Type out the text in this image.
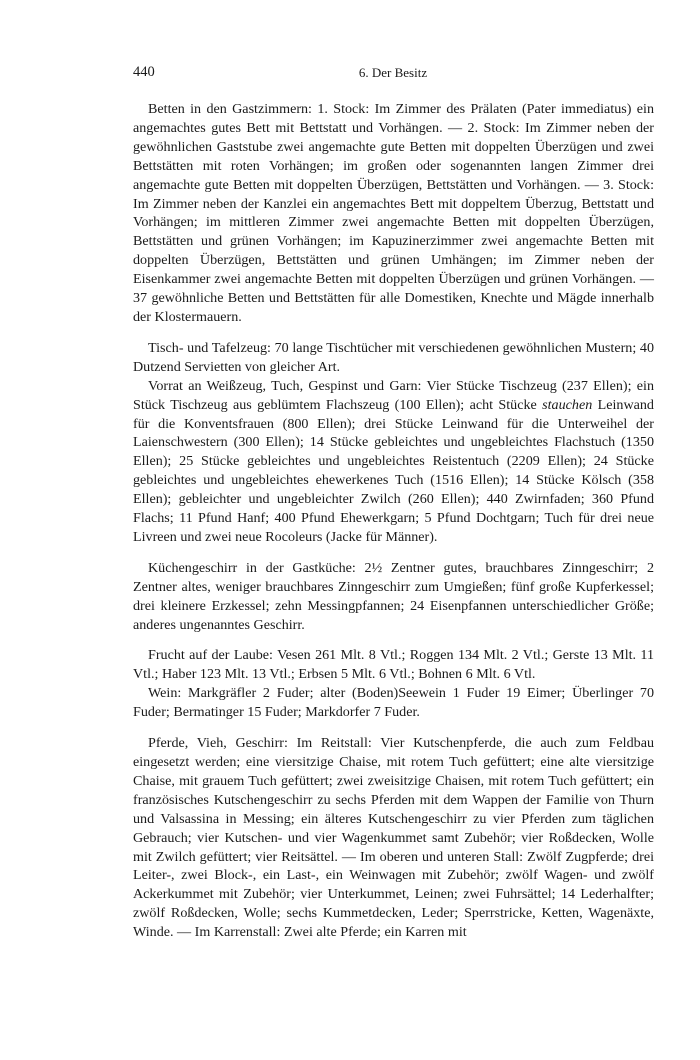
440	6. Der Besitz

Betten in den Gastzimmern: 1. Stock: Im Zimmer des Prälaten (Pater immediatus) ein angemachtes gutes Bett mit Bettstatt und Vorhängen. — 2. Stock: Im Zimmer neben der gewöhnlichen Gaststube zwei angemachte gute Betten mit doppelten Überzügen und zwei Bettstätten mit roten Vorhängen; im großen oder sogenannten langen Zimmer drei angemachte gute Betten mit doppelten Überzügen, Bettstätten und Vorhängen. — 3. Stock: Im Zimmer neben der Kanzlei ein angemachtes Bett mit doppeltem Überzug, Bettstatt und Vorhängen; im mittleren Zimmer zwei angemachte Betten mit doppelten Überzügen, Bettstätten und grünen Vorhängen; im Kapuzinerzimmer zwei angemachte Betten mit doppelten Überzügen, Bettstätten und grünen Umhängen; im Zimmer neben der Eisenkammer zwei angemachte Betten mit doppelten Überzügen und grünen Vorhängen. — 37 gewöhnliche Betten und Bettstätten für alle Domestiken, Knechte und Mägde innerhalb der Klostermauern.

Tisch- und Tafelzeug: 70 lange Tischtücher mit verschiedenen gewöhnlichen Mustern; 40 Dutzend Servietten von gleicher Art.

Vorrat an Weißzeug, Tuch, Gespinst und Garn: Vier Stücke Tischzeug (237 Ellen); ein Stück Tischzeug aus geblümtem Flachszeug (100 Ellen); acht Stücke stauchen Leinwand für die Konventsfrauen (800 Ellen); drei Stücke Leinwand für die Unterweihel der Laienschwestern (300 Ellen); 14 Stücke gebleichtes und ungebleichtes Flachstuch (1350 Ellen); 25 Stücke gebleichtes und ungebleichtes Reistentuch (2209 Ellen); 24 Stücke gebleichtes und ungebleichtes ehewerkenes Tuch (1516 Ellen); 14 Stücke Kölsch (358 Ellen); gebleichter und ungebleichter Zwilch (260 Ellen); 440 Zwirnfaden; 360 Pfund Flachs; 11 Pfund Hanf; 400 Pfund Ehewerkgarn; 5 Pfund Dochtgarn; Tuch für drei neue Livreen und zwei neue Rocoleurs (Jacke für Männer).

Küchengeschirr in der Gastküche: 2½ Zentner gutes, brauchbares Zinngeschirr; 2 Zentner altes, weniger brauchbares Zinngeschirr zum Umgießen; fünf große Kupferkessel; drei kleinere Erzkessel; zehn Messingpfannen; 24 Eisenpfannen unterschiedlicher Größe; anderes ungenanntes Geschirr.

Frucht auf der Laube: Vesen 261 Mlt. 8 Vtl.; Roggen 134 Mlt. 2 Vtl.; Gerste 13 Mlt. 11 Vtl.; Haber 123 Mlt. 13 Vtl.; Erbsen 5 Mlt. 6 Vtl.; Bohnen 6 Mlt. 6 Vtl.

Wein: Markgräfler 2 Fuder; alter (Boden)Seewein 1 Fuder 19 Eimer; Überlinger 70 Fuder; Bermatinger 15 Fuder; Markdorfer 7 Fuder.

Pferde, Vieh, Geschirr: Im Reitstall: Vier Kutschenpferde, die auch zum Feldbau eingesetzt werden; eine viersitzige Chaise, mit rotem Tuch gefüttert; eine alte viersitzige Chaise, mit grauem Tuch gefüttert; zwei zweisitzige Chaisen, mit rotem Tuch gefüttert; ein französisches Kutschengeschirr zu sechs Pferden mit dem Wappen der Familie von Thurn und Valsassina in Messing; ein älteres Kutschengeschirr zu vier Pferden zum täglichen Gebrauch; vier Kutschen- und vier Wagenkummet samt Zubehör; vier Roßdecken, Wolle mit Zwilch gefüttert; vier Reitsättel. — Im oberen und unteren Stall: Zwölf Zugpferde; drei Leiter-, zwei Block-, ein Last-, ein Weinwagen mit Zubehör; zwölf Wagen- und zwölf Ackerkummet mit Zubehör; vier Unterkummet, Leinen; zwei Fuhrsättel; 14 Lederhalfter; zwölf Roßdecken, Wolle; sechs Kummetdecken, Leder; Sperrstricke, Ketten, Wagenäxte, Winde. — Im Karrenstall: Zwei alte Pferde; ein Karren mit
